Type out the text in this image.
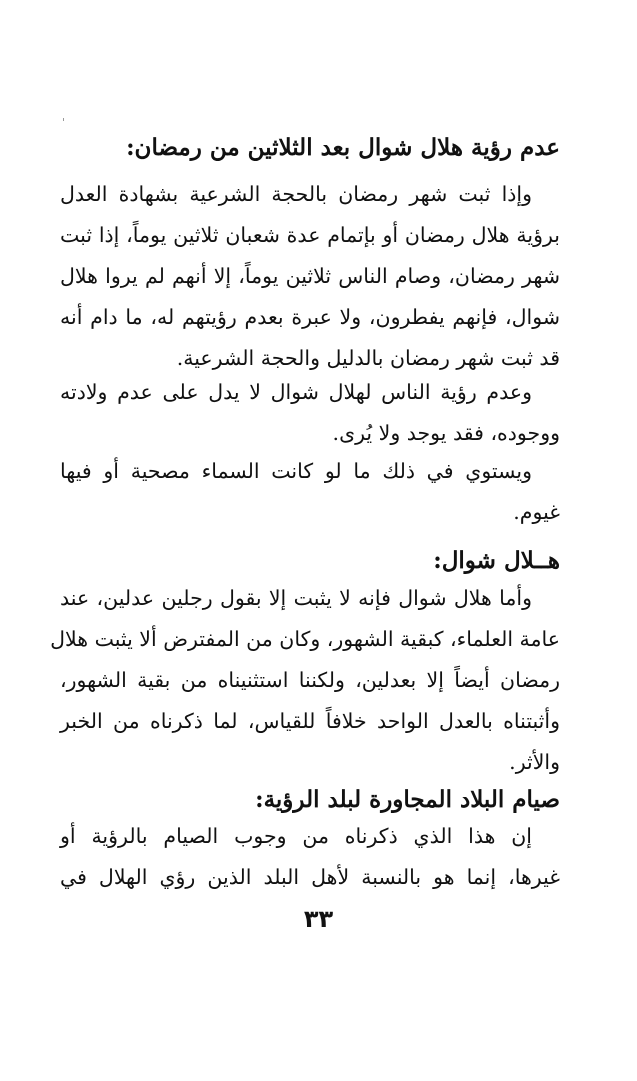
عدم رؤية هلال شوال بعد الثلاثين من رمضان:
وإذا ثبت شهر رمضان بالحجة الشرعية بشهادة العدل
برؤية هلال رمضان أو بإتمام عدة شعبان ثلاثين يوماً، إذا ثبت
شهر رمضان، وصام الناس ثلاثين يوماً، إلا أنهم لم يروا هلال
شوال، فإنهم يفطرون، ولا عبرة بعدم رؤيتهم له، ما دام أنه
قد ثبت شهر رمضان بالدليل والحجة الشرعية.
وعدم رؤية الناس لهلال شوال لا يدل على عدم ولادته
ووجوده، فقد يوجد ولا يُرى.
ويستوي في ذلك ما لو كانت السماء مصحية أو فيها
غيوم.
هــلال شوال:
وأما هلال شوال فإنه لا يثبت إلا بقول رجلين عدلين، عند
عامة العلماء، كبقية الشهور، وكان من المفترض ألا يثبت هلال
رمضان أيضاً إلا بعدلين، ولكننا استثنيناه من بقية الشهور،
وأثبتناه بالعدل الواحد خلافاً للقياس، لما ذكرناه من الخبر
والأثر.
صيام البلاد المجاورة لبلد الرؤية:
إن هذا الذي ذكرناه من وجوب الصيام بالرؤية أو
غيرها، إنما هو بالنسبة لأهل البلد الذين رؤي الهلال في
٣٣
